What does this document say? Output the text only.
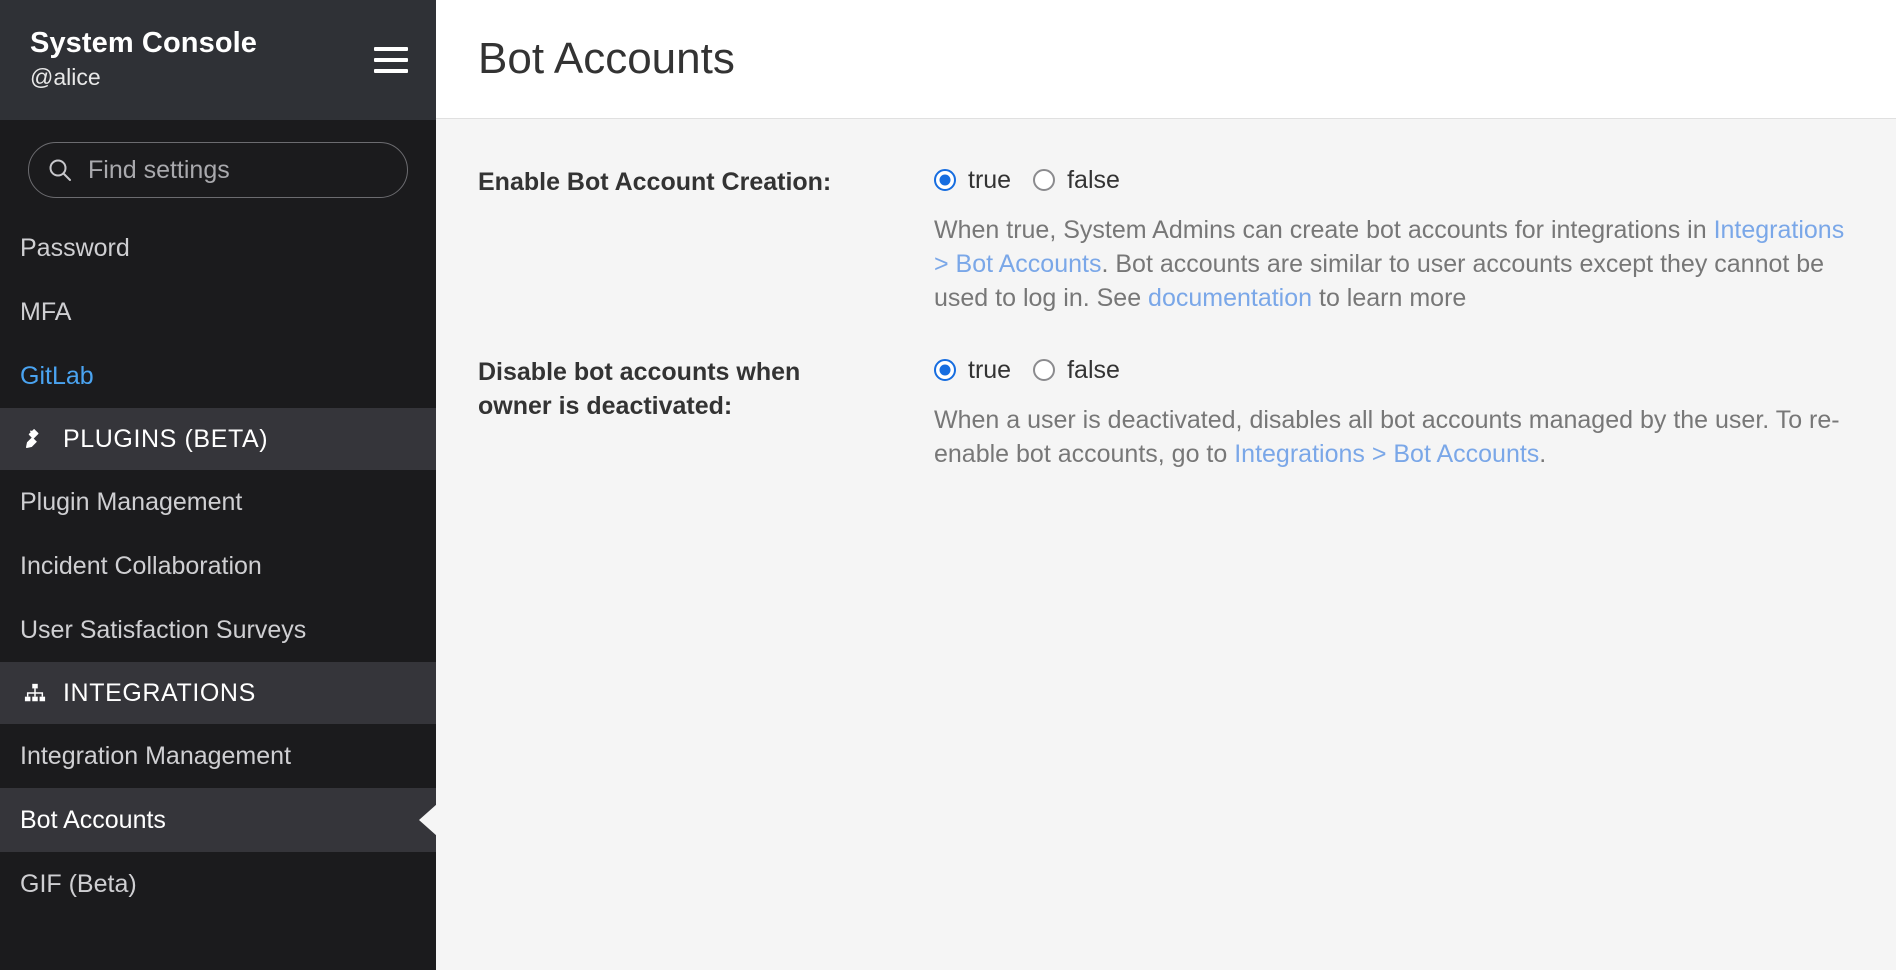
System Console
@alice
Find settings
Password
MFA
GitLab
PLUGINS (BETA)
Plugin Management
Incident Collaboration
User Satisfaction Surveys
INTEGRATIONS
Integration Management
Bot Accounts
GIF (Beta)
Bot Accounts
Enable Bot Account Creation:	true false
When true, System Admins can create bot accounts for integrations in Integrations > Bot Accounts. Bot accounts are similar to user accounts except they cannot be used to log in. See documentation to learn more
Disable bot accounts when owner is deactivated:
true false
When a user is deactivated, disables all bot accounts managed by the user. To re-enable bot accounts, go to Integrations > Bot Accounts.
